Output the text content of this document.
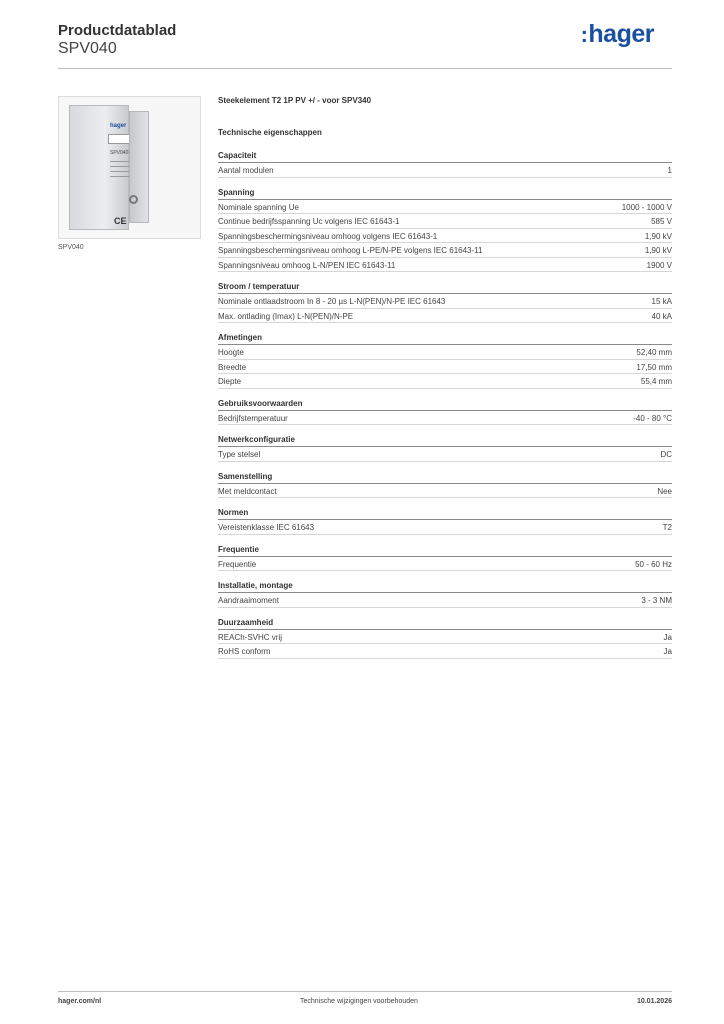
Productdatablad
SPV040
:hager
hager
SPV040
CE
SPV040
Steekelement T2 1P PV +/ - voor SPV340
Technische eigenschappen
Capaciteit
Aantal modulen	1
Spanning
Nominale spanning Ue	1000 - 1000 V
Continue bedrijfsspanning Uc volgens IEC 61643-1	585 V
Spanningsbeschermingsniveau omhoog volgens IEC 61643-1	1,90 kV
Spanningsbeschermingsniveau omhoog L-PE/N-PE volgens IEC 61643-11	1,90 kV
Spanningsniveau omhoog L-N/PEN IEC 61643-11	1900 V
Stroom / temperatuur
Nominale ontlaadstroom In 8 - 20 µs L-N(PEN)/N-PE IEC 61643	15 kA
Max. ontlading (Imax) L-N(PEN)/N-PE	40 kA
Afmetingen
Hoogte	52,40 mm
Breedte	17,50 mm
Diepte	55,4 mm
Gebruiksvoorwaarden
Bedrijfstemperatuur	-40 - 80 °C
Netwerkconfiguratie
Type stelsel	DC
Samenstelling
Met meldcontact	Nee
Normen
Vereistenklasse IEC 61643	T2
Frequentie
Frequentie	50 - 60 Hz
Installatie, montage
Aandraaimoment	3 - 3 NM
Duurzaamheid
REACh-SVHC vrij	Ja
RoHS conform	Ja
hager.com/nl	Technische wijzigingen voorbehouden	10.01.2026
